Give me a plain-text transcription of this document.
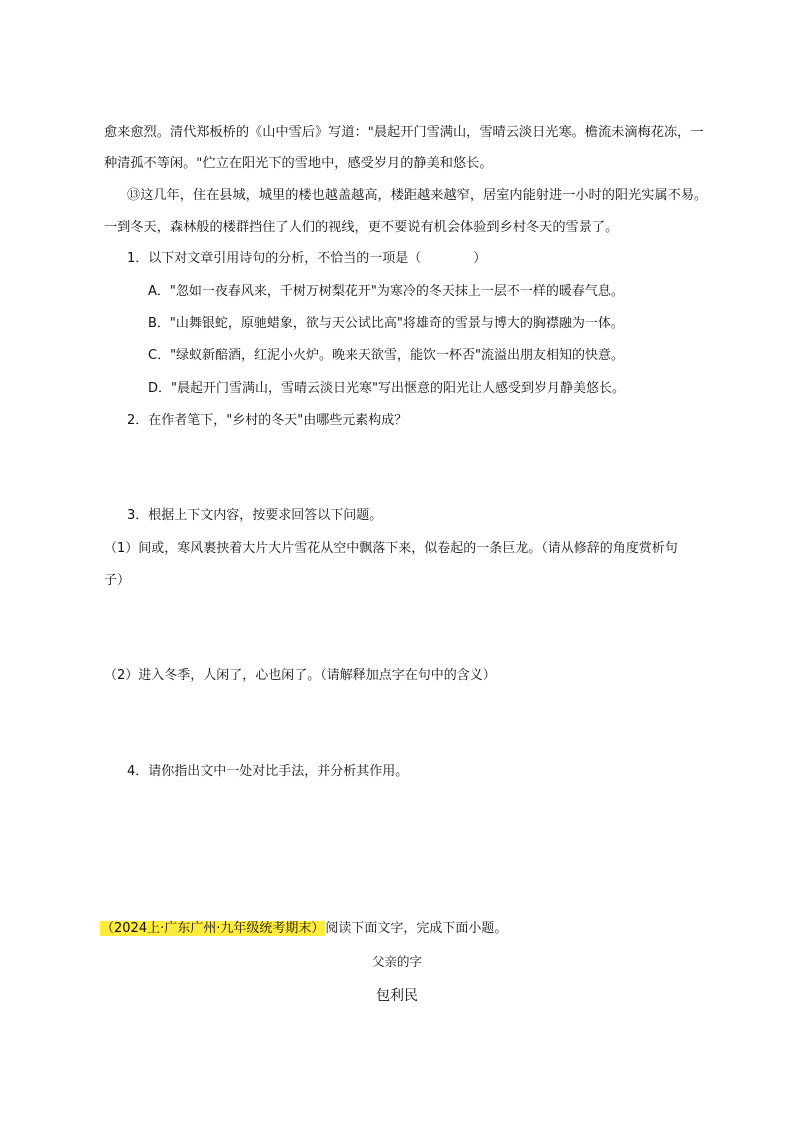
愈来愈烈。清代郑板桥的《山中雪后》写道："晨起开门雪满山，雪晴云淡日光寒。檐流未滴梅花冻，一
种清孤不等闲。"伫立在阳光下的雪地中，感受岁月的静美和悠长。
⑬这几年，住在县城，城里的楼也越盖越高，楼距越来越窄，居室内能射进一小时的阳光实属不易。
一到冬天，森林般的楼群挡住了人们的视线，更不要说有机会体验到乡村冬天的雪景了。
1．以下对文章引用诗句的分析，不恰当的一项是（　　　　）
A．"忽如一夜春风来，千树万树梨花开"为寒冷的冬天抹上一层不一样的暖春气息。
B．"山舞银蛇，原驰蜡象，欲与天公试比高"将雄奇的雪景与博大的胸襟融为一体。
C．"绿蚁新醅酒，红泥小火炉。晚来天欲雪，能饮一杯否"流溢出朋友相知的快意。
D．"晨起开门雪满山，雪晴云淡日光寒"写出惬意的阳光让人感受到岁月静美悠长。
2．在作者笔下，"乡村的冬天"由哪些元素构成？
3．根据上下文内容，按要求回答以下问题。
（1）间或，寒风裹挟着大片大片雪花从空中飘落下来，似卷起的一条巨龙。（请从修辞的角度赏析句
子）
（2）进入冬季，人闲了，心也闲了。（请解释加点字在句中的含义）
4．请你指出文中一处对比手法，并分析其作用。
（2024上·广东广州·九年级统考期末）阅读下面文字，完成下面小题。
父亲的字
包利民
